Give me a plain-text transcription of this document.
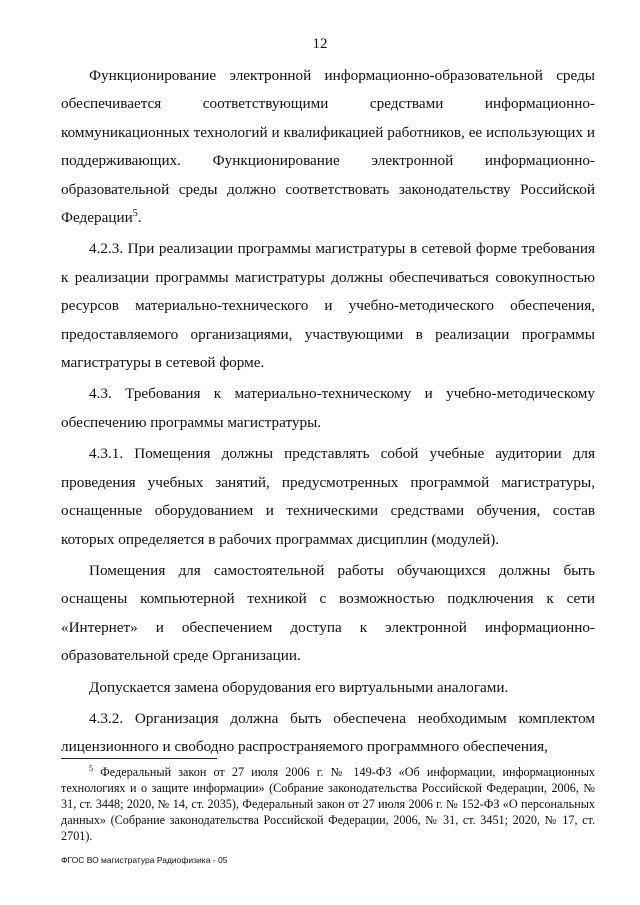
12

Функционирование электронной информационно-образовательной среды обеспечивается соответствующими средствами информационно-коммуникационных технологий и квалификацией работников, ее использующих и поддерживающих. Функционирование электронной информационно-образовательной среды должно соответствовать законодательству Российской Федерации$^5$.

4.2.3. При реализации программы магистратуры в сетевой форме требования к реализации программы магистратуры должны обеспечиваться совокупностью ресурсов материально-технического и учебно-методического обеспечения, предоставляемого организациями, участвующими в реализации программы магистратуры в сетевой форме.

4.3. Требования к материально-техническому и учебно-методическому обеспечению программы магистратуры.

4.3.1. Помещения должны представлять собой учебные аудитории для проведения учебных занятий, предусмотренных программой магистратуры, оснащенные оборудованием и техническими средствами обучения, состав которых определяется в рабочих программах дисциплин (модулей).

Помещения для самостоятельной работы обучающихся должны быть оснащены компьютерной техникой с возможностью подключения к сети «Интернет» и обеспечением доступа к электронной информационно-образовательной среде Организации.

Допускается замена оборудования его виртуальными аналогами.

4.3.2. Организация должна быть обеспечена необходимым комплектом лицензионного и свободно распространяемого программного обеспечения,

$^5$ Федеральный закон от 27 июля 2006 г. № 149-ФЗ «Об информации, информационных технологиях и о защите информации» (Собрание законодательства Российской Федерации, 2006, № 31, ст. 3448; 2020, № 14, ст. 2035), Федеральный закон от 27 июля 2006 г. № 152-ФЗ «О персональных данных» (Собрание законодательства Российской Федерации, 2006, № 31, ст. 3451; 2020, № 17, ст. 2701).

ФГОС ВО магистратура Радиофизика - 05
